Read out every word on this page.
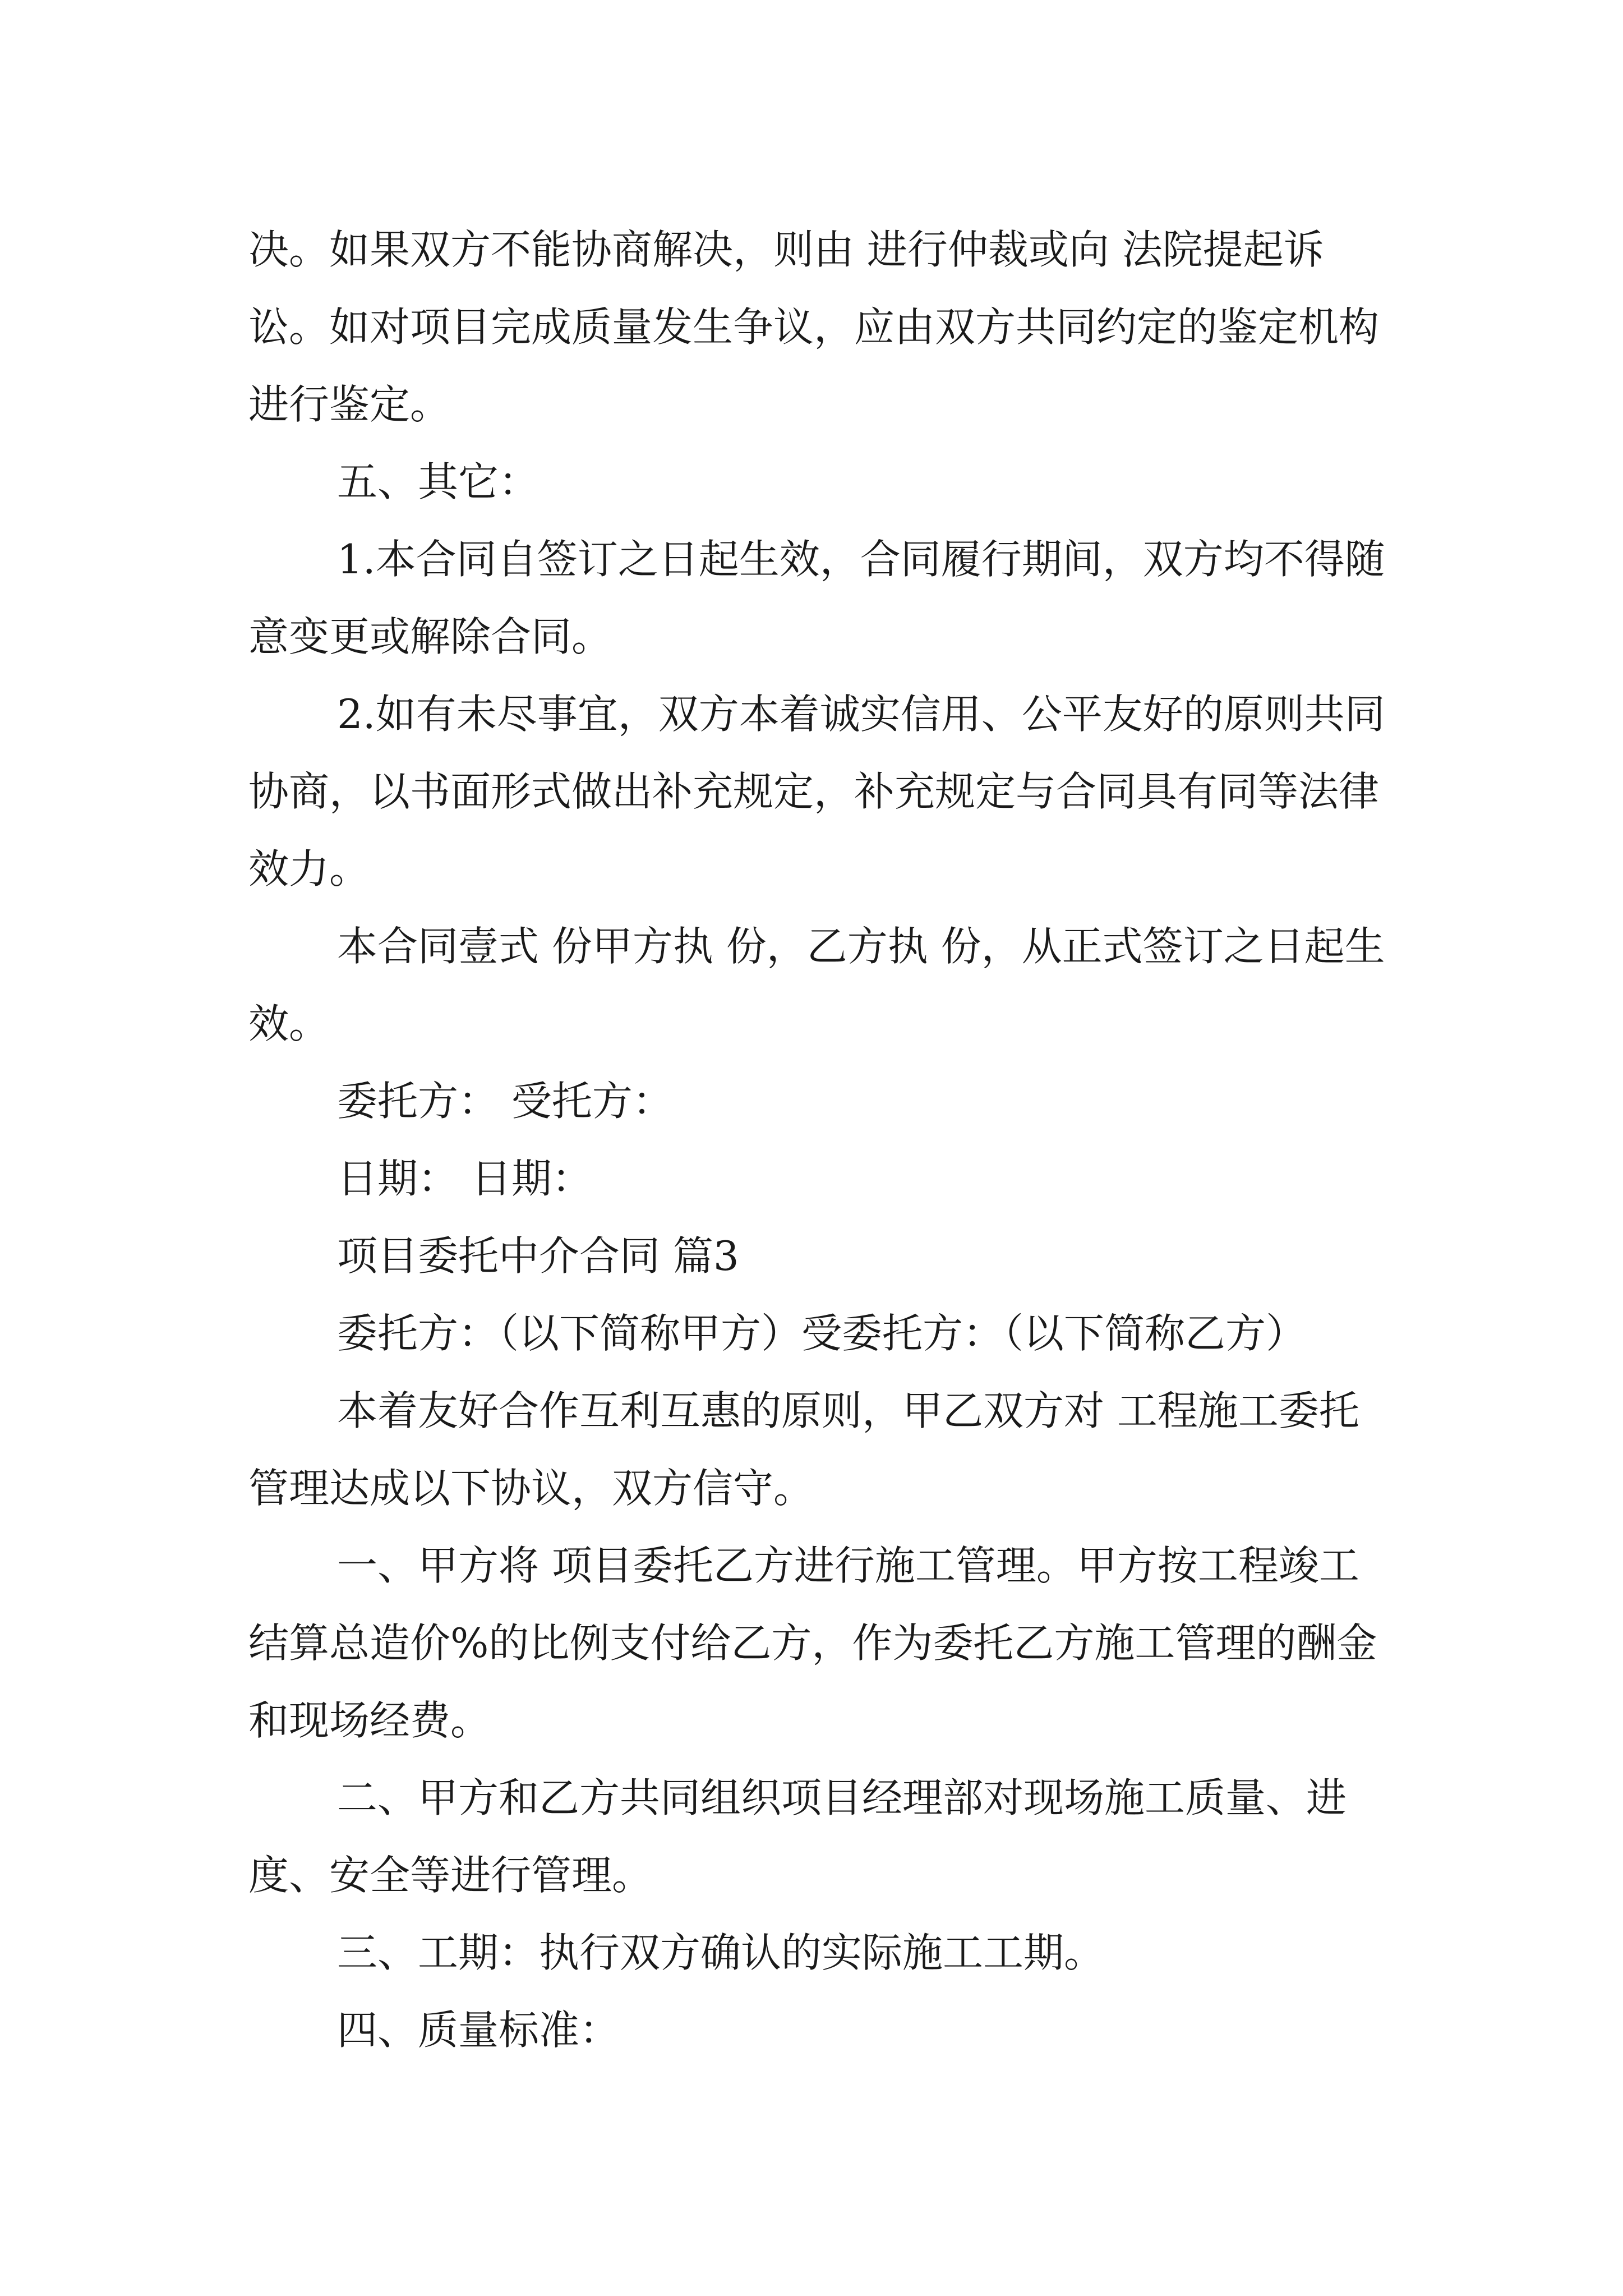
决。如果双方不能协商解决，则由 进行仲裁或向 法院提起诉讼。如对项目完成质量发生争议，应由双方共同约定的鉴定机构进行鉴定。

五、其它：

1.本合同自签订之日起生效，合同履行期间，双方均不得随意变更或解除合同。

2.如有未尽事宜，双方本着诚实信用、公平友好的原则共同协商，以书面形式做出补充规定，补充规定与合同具有同等法律效力。

本合同壹式 份甲方执 份，乙方执 份，从正式签订之日起生效。

委托方： 受托方：

日期： 日期：

项目委托中介合同 篇3

委托方：（以下简称甲方）受委托方：（以下简称乙方）

本着友好合作互利互惠的原则，甲乙双方对 工程施工委托管理达成以下协议，双方信守。

一、甲方将 项目委托乙方进行施工管理。甲方按工程竣工结算总造价%的比例支付给乙方，作为委托乙方施工管理的酬金和现场经费。

二、甲方和乙方共同组织项目经理部对现场施工质量、进度、安全等进行管理。

三、工期：执行双方确认的实际施工工期。

四、质量标准：
